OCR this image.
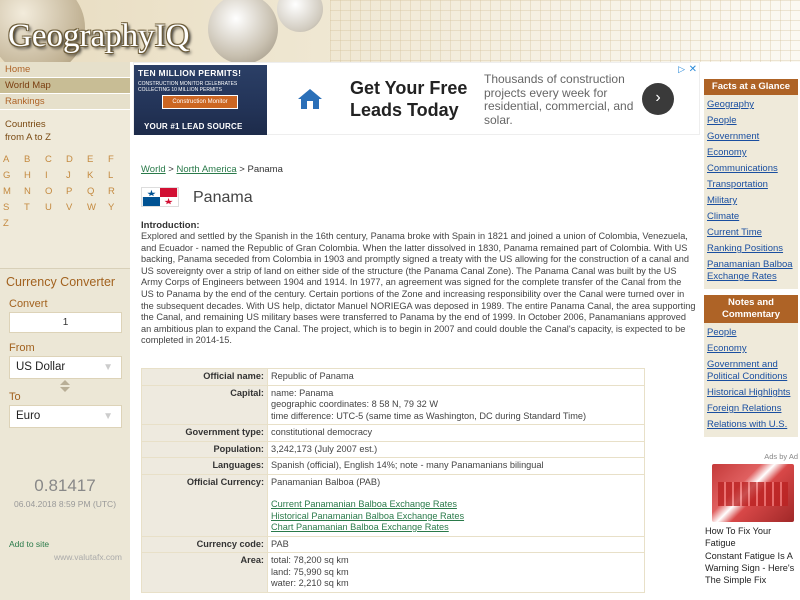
GeographyIQ
Home
World Map
Rankings
Countries
from A to Z
A	B	C	D	E	F
G	H	I	J	K	L
M	N	O	P	Q	R
S	T	U	V	W	Y
Z
Currency Converter
Convert
1
From
US Dollar	▼
To
Euro	▼
0.81417
06.04.2018 8:59 PM (UTC)
Add to site
www.valutafx.com
TEN MILLION PERMITS!
CONSTRUCTION MONITOR CELEBRATES COLLECTING 10 MILLION PERMITS
Construction Monitor
YOUR #1 LEAD SOURCE
Get Your Free Leads Today
Thousands of construction projects every week for residential, commercial, and solar.
›
▷ ✕
World > North America > Panama
Panama
Introduction:
Explored and settled by the Spanish in the 16th century, Panama broke with Spain in 1821 and joined a union of Colombia, Venezuela, and Ecuador - named the Republic of Gran Colombia. When the latter dissolved in 1830, Panama remained part of Colombia. With US backing, Panama seceded from Colombia in 1903 and promptly signed a treaty with the US allowing for the construction of a canal and US sovereignty over a strip of land on either side of the structure (the Panama Canal Zone). The Panama Canal was built by the US Army Corps of Engineers between 1904 and 1914. In 1977, an agreement was signed for the complete transfer of the Canal from the US to Panama by the end of the century. Certain portions of the Zone and increasing responsibility over the Canal were turned over in the subsequent decades. With US help, dictator Manuel NORIEGA was deposed in 1989. The entire Panama Canal, the area supporting the Canal, and remaining US military bases were transferred to Panama by the end of 1999. In October 2006, Panamanians approved an ambitious plan to expand the Canal. The project, which is to begin in 2007 and could double the Canal's capacity, is expected to be completed in 2014-15.
Official name:	Republic of Panama
Capital:	name: Panama
geographic coordinates: 8 58 N, 79 32 W
time difference: UTC-5 (same time as Washington, DC during Standard Time)

Government type:	constitutional democracy
Population:	3,242,173 (July 2007 est.)
Languages:	Spanish (official), English 14%; note - many Panamanians bilingual
Official Currency:	Panamanian Balboa (PAB)
Current Panamanian Balboa Exchange Rates
Historical Panamanian Balboa Exchange Rates
Chart Panamanian Balboa Exchange Rates

Currency code:	PAB
Area:	total: 78,200 sq km
land: 75,990 sq km
water: 2,210 sq km
Facts at a Glance
Geography
People
Government
Economy
Communications
Transportation
Military
Climate
Current Time
Ranking Positions
Panamanian Balboa Exchange Rates
Notes and Commentary
People
Economy
Government and Political Conditions
Historical Highlights
Foreign Relations
Relations with U.S.
Ads by Ad
How To Fix Your Fatigue
Constant Fatigue Is A Warning Sign - Here's The Simple Fix
